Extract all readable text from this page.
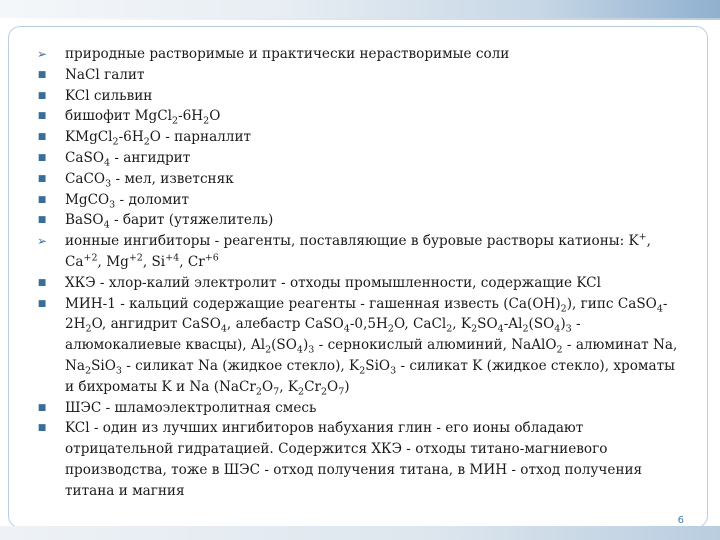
➢ природные растворимые и практически нерастворимые соли
■ NaCl галит
■ KCl сильвин
■ бишофит $MgCl_2-6H_2O$
■ $KMgCl_2-6H_2O$ - парналлит
■ CaSO$_4$ - ангидрит
■ CaCO$_3$ - мел, изветсняк
■ MgCO$_3$ - доломит
■ BaSO$_4$ - барит (утяжелитель)
➢ ионные ингибиторы - реагенты, поставляющие в буровые растворы катионы: K+, $Ca^{+2}$, $Mg^{+2}$, $Si^{+4}$, $Cr^{+6}$
■ ХКЭ - хлор-калий электролит - отходы промышленности, содержащие KCl
■ МИН-1 - кальций содержащие реагенты - гашенная известь $(Ca(OH)_2)$, гипс $CaSO_4-2H_2O$, ангидрит CaSO$_4$, алебастр $CaSO_4-0,5H_2O$, CaCl$_2$, $K_2SO_4-Al_2(SO_4)_3$ - алюмокалиевые квасцы), $Al_2(SO_4)_3$ - сернокислый алюминий, NaAlO$_2$ - алюминат Na, $Na_2SiO_3$ - силикат Na (жидкое стекло), $K_2SiO_3$ - силикат K (жидкое стекло), хроматы и бихроматы K и Na ($NaCr_2O_7$, $K_2Cr_2O_7$)
■ ШЭС - шламоэлектролитная смесь
■ KCl - один из лучших ингибиторов набухания глин - его ионы обладают отрицательной гидратацией. Содержится ХКЭ - отходы титано-магниевого производства, тоже в ШЭС - отход получения титана, в МИН - отход получения титана и магния
6
